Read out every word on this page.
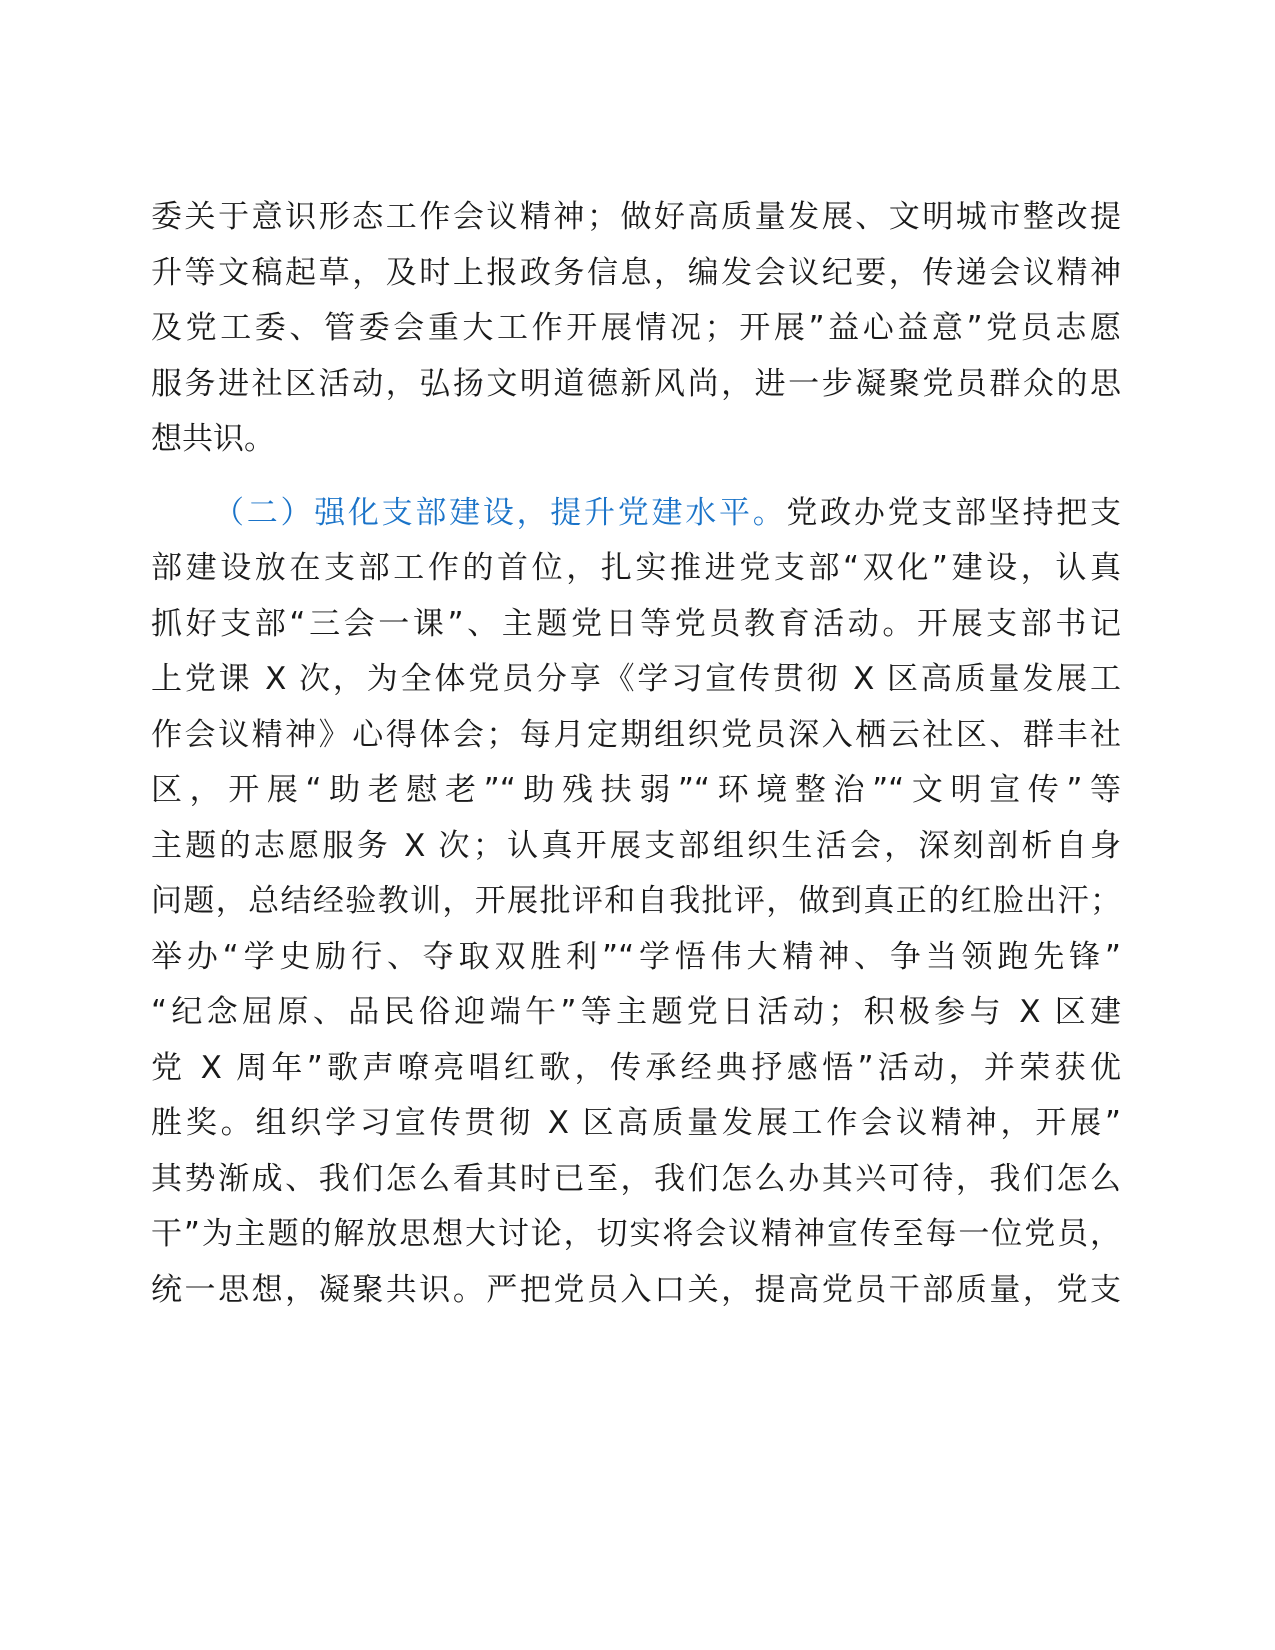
委关于意识形态工作会议精神；做好高质量发展、文明城市整改提
升等文稿起草，及时上报政务信息，编发会议纪要，传递会议精神
及党工委、管委会重大工作开展情况；开展”益心益意”党员志愿
服务进社区活动，弘扬文明道德新风尚，进一步凝聚党员群众的思
想共识。
（二）强化支部建设，提升党建水平。党政办党支部坚持把支
部建设放在支部工作的首位，扎实推进党支部“双化”建设，认真
抓好支部“三会一课”、主题党日等党员教育活动。开展支部书记
上党课 X 次，为全体党员分享《学习宣传贯彻 X 区高质量发展工
作会议精神》心得体会；每月定期组织党员深入栖云社区、群丰社
区，开展“助老慰老”“助残扶弱”“环境整治”“文明宣传”等
主题的志愿服务 X 次；认真开展支部组织生活会，深刻剖析自身
问题，总结经验教训，开展批评和自我批评，做到真正的红脸出汗；
举办“学史励行、夺取双胜利”“学悟伟大精神、争当领跑先锋”
“纪念屈原、品民俗迎端午”等主题党日活动；积极参与 X 区建
党 X 周年”歌声嘹亮唱红歌，传承经典抒感悟”活动，并荣获优
胜奖。组织学习宣传贯彻 X 区高质量发展工作会议精神，开展”
其势渐成、我们怎么看其时已至，我们怎么办其兴可待，我们怎么
干”为主题的解放思想大讨论，切实将会议精神宣传至每一位党员，
统一思想，凝聚共识。严把党员入口关，提高党员干部质量，党支
